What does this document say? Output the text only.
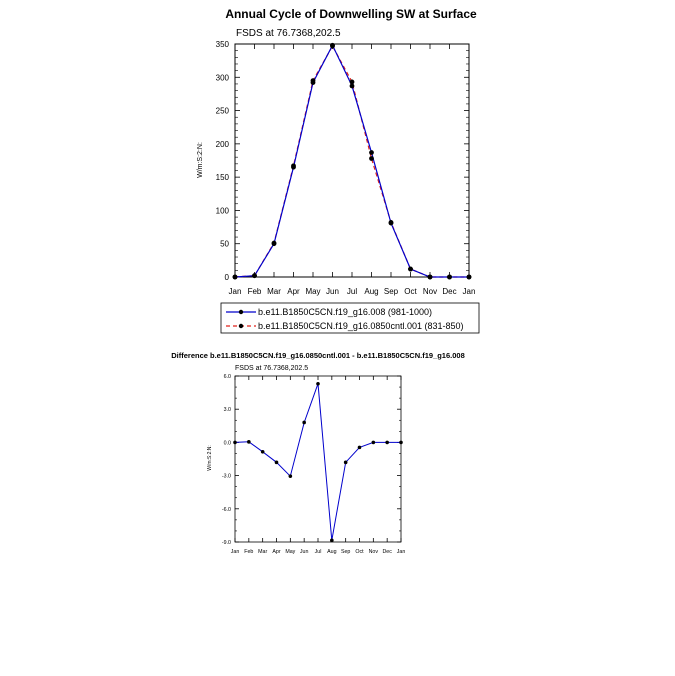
Annual Cycle of Downwelling SW at Surface
FSDS at 76.7368,202.5
W/m:S:2:N:
Jan Feb Mar Apr May Jun Jul Aug Sep Oct Nov Dec Jan
0
50
100
150
200
250
300
350
b.e11.B1850C5CN.f19_g16.008 (981-1000)
b.e11.B1850C5CN.f19_g16.0850cntl.001 (831-850)
Difference b.e11.B1850C5CN.f19_g16.0850cntl.001 - b.e11.B1850C5CN.f19_g16.008
FSDS at 76.7368,202.5
W/m:S:2:N:
Jan Feb Mar Apr May Jun Jul Aug Sep Oct Nov Dec Jan
-9.0
-6.0
-3.0
0.0
3.0
6.0
